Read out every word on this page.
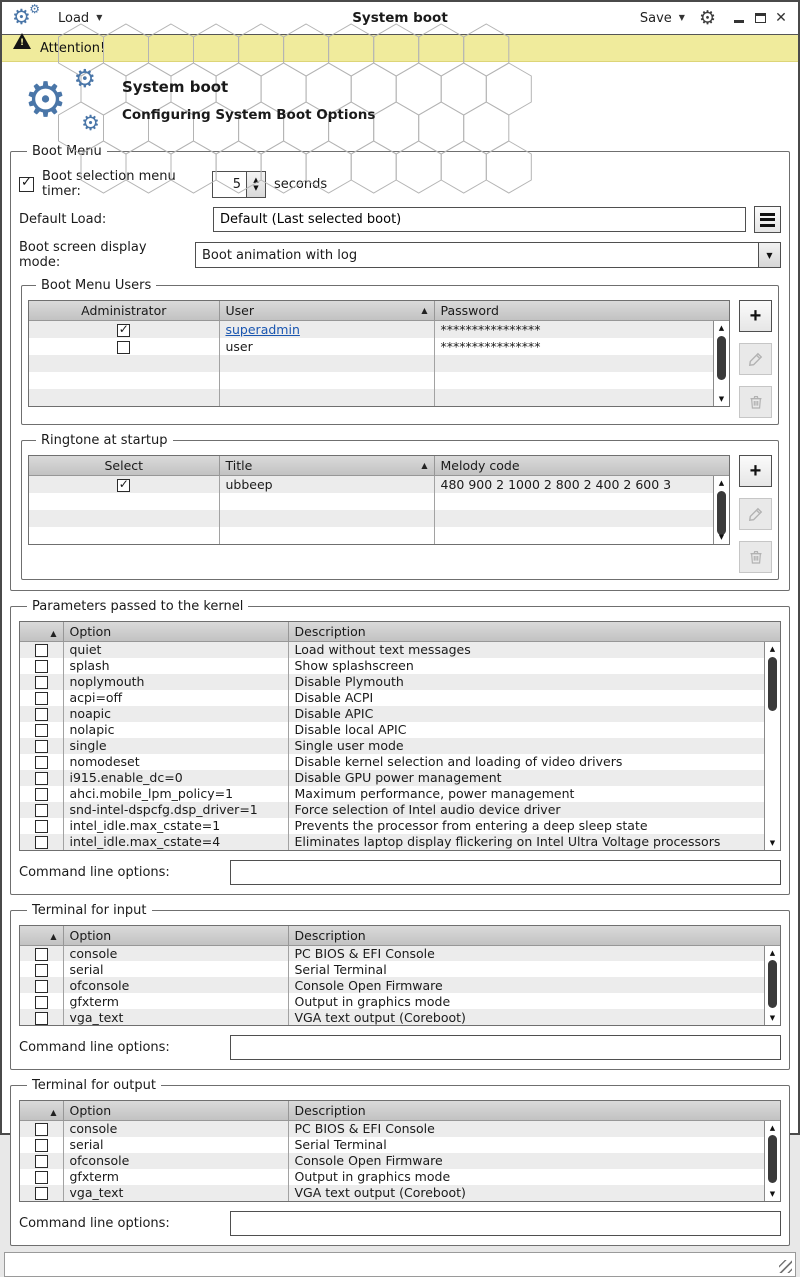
⚙
⚙
Load ▼	System boot	Save ▼ ⚙	✕
! Attention!
⚙ ⚙
⚙
System boot
Configuring System Boot Options
Boot Menu
✓ Boot selection menu timer:	5	▲
▼ seconds
Default Load:
Default (Last selected boot)
Boot screen display mode:	Boot animation with log	▼
Boot Menu Users
▲
▼
Administrator	User ▲	Password

✓	superadmin	****************

	user	****************

+
Ringtone at startup
▲
▼
Select	Title ▲	Melody code

✓	ubbeep	480 900 2 1000 2 800 2 400 2 600 3

+
Parameters passed to the kernel
▲
▼
▲	Option	Description

	quiet	Load without text messages

	splash	Show splashscreen

	noplymouth	Disable Plymouth

	acpi=off	Disable ACPI

	noapic	Disable APIC

	nolapic	Disable local APIC

	single	Single user mode

	nomodeset	Disable kernel selection and loading of video drivers

	i915.enable_dc=0	Disable GPU power management

	ahci.mobile_lpm_policy=1	Maximum performance, power management

	snd-intel-dspcfg.dsp_driver=1	Force selection of Intel audio device driver

	intel_idle.max_cstate=1	Prevents the processor from entering a deep sleep state

	intel_idle.max_cstate=4	Eliminates laptop display flickering on Intel Ultra Voltage processors
Command line options:
Terminal for input
▲
▼
▲	Option	Description

	console	PC BIOS & EFI Console

	serial	Serial Terminal

	ofconsole	Console Open Firmware

	gfxterm	Output in graphics mode

	vga_text	VGA text output (Coreboot)
Command line options:
Terminal for output
▲
▼
▲	Option	Description

	console	PC BIOS & EFI Console

	serial	Serial Terminal

	ofconsole	Console Open Firmware

	gfxterm	Output in graphics mode

	vga_text	VGA text output (Coreboot)
Command line options:
